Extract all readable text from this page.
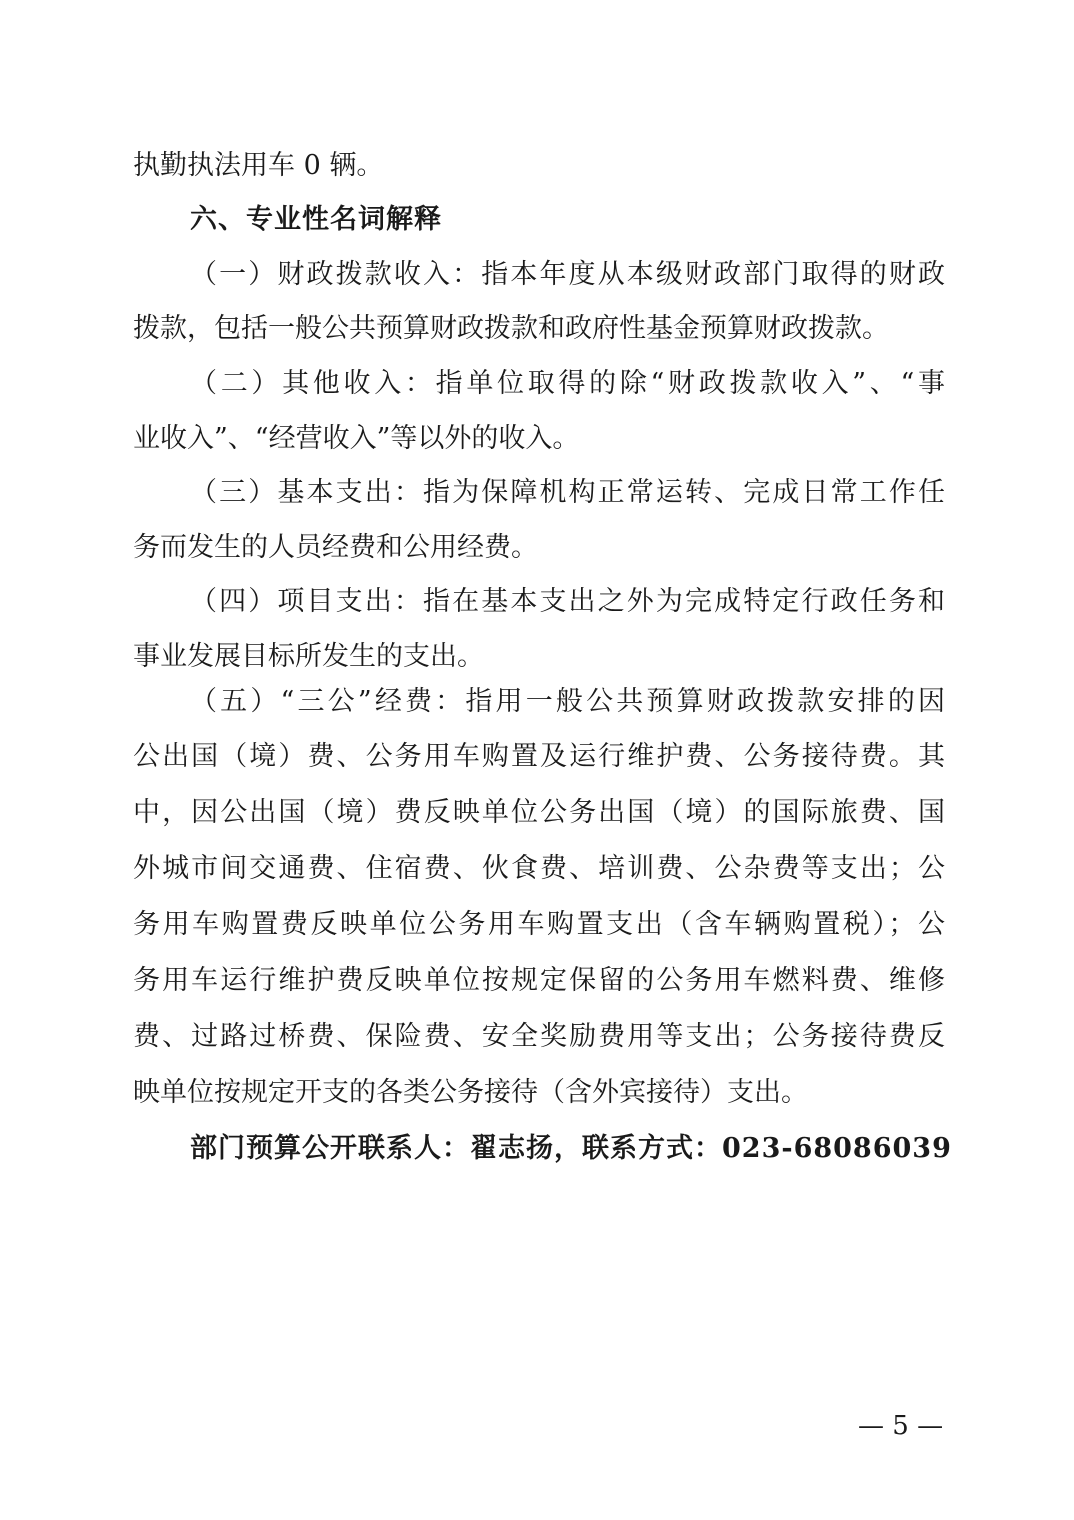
执勤执法用车 0 辆。
六、专业性名词解释
（一）财政拨款收入：指本年度从本级财政部门取得的财政
拨款，包括一般公共预算财政拨款和政府性基金预算财政拨款。
（二）其他收入：指单位取得的除“财政拨款收入”、“事
业收入”、“经营收入”等以外的收入。
（三）基本支出：指为保障机构正常运转、完成日常工作任
务而发生的人员经费和公用经费。
（四）项目支出：指在基本支出之外为完成特定行政任务和
事业发展目标所发生的支出。
（五）“三公”经费：指用一般公共预算财政拨款安排的因
公出国（境）费、公务用车购置及运行维护费、公务接待费。其
中，因公出国（境）费反映单位公务出国（境）的国际旅费、国
外城市间交通费、住宿费、伙食费、培训费、公杂费等支出；公
务用车购置费反映单位公务用车购置支出（含车辆购置税）；公
务用车运行维护费反映单位按规定保留的公务用车燃料费、维修
费、过路过桥费、保险费、安全奖励费用等支出；公务接待费反
映单位按规定开支的各类公务接待（含外宾接待）支出。
部门预算公开联系人：翟志扬，联系方式：023-68086039
— 5 —
